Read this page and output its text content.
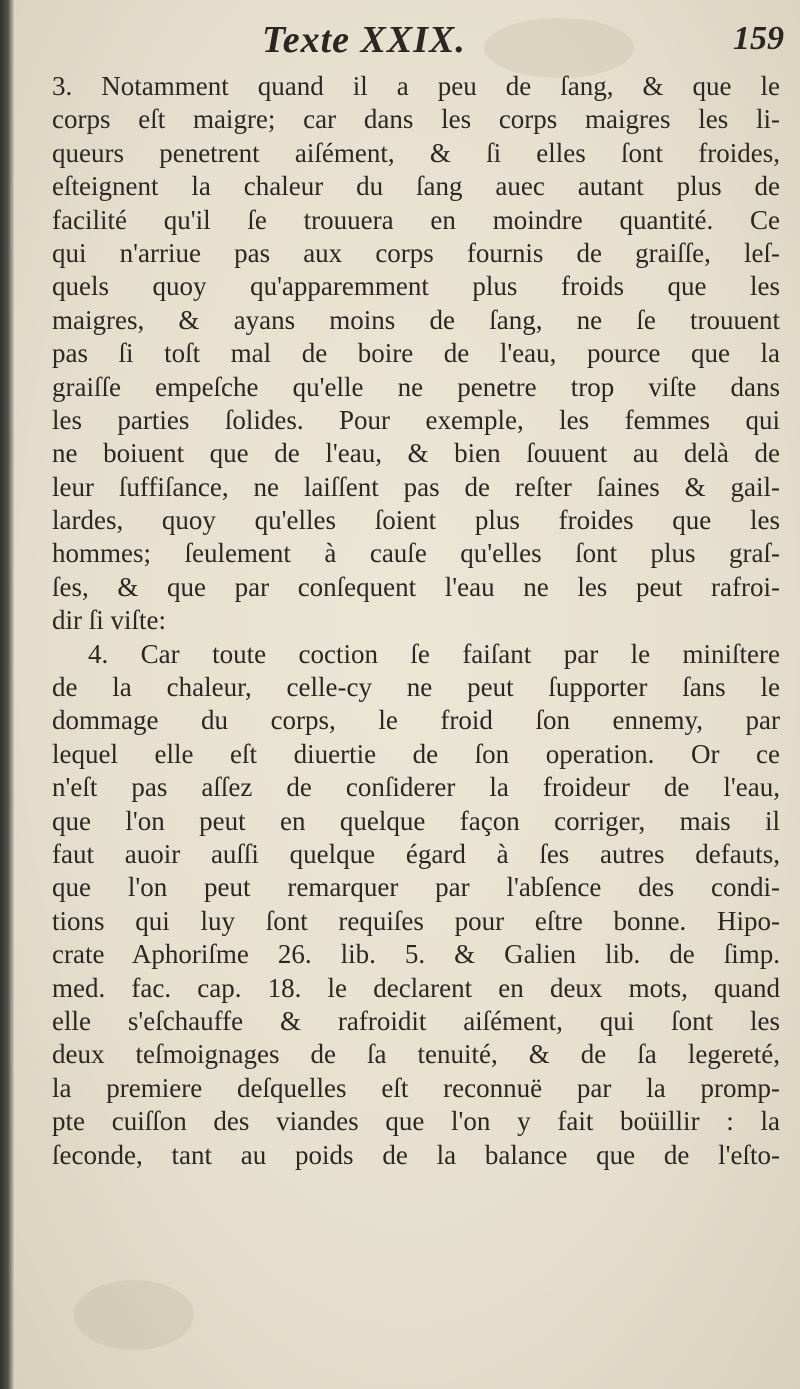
Texte XXIX.	159
3. Notamment quand il a peu de ſang, & que le
corps eſt maigre; car dans les corps maigres les li-
queurs penetrent aiſément, & ſi elles ſont froides,
eſteignent la chaleur du ſang auec autant plus de
facilité qu'il ſe trouuera en moindre quantité. Ce
qui n'arriue pas aux corps fournis de graiſſe, leſ-
quels quoy qu'apparemment plus froids que les
maigres, & ayans moins de ſang, ne ſe trouuent
pas ſi toſt mal de boire de l'eau, pource que la
graiſſe empeſche qu'elle ne penetre trop viſte dans
les parties ſolides. Pour exemple, les femmes qui
ne boiuent que de l'eau, & bien ſouuent au delà de
leur ſuffiſance, ne laiſſent pas de reſter ſaines & gail-
lardes, quoy qu'elles ſoient plus froides que les
hommes; ſeulement à cauſe qu'elles ſont plus graſ-
ſes, & que par conſequent l'eau ne les peut rafroi-
dir ſi viſte:
4. Car toute coction ſe faiſant par le miniſtere
de la chaleur, celle-cy ne peut ſupporter ſans le
dommage du corps, le froid ſon ennemy, par
lequel elle eſt diuertie de ſon operation. Or ce
n'eſt pas aſſez de conſiderer la froideur de l'eau,
que l'on peut en quelque façon corriger, mais il
faut auoir auſſi quelque égard à ſes autres defauts,
que l'on peut remarquer par l'abſence des condi-
tions qui luy ſont requiſes pour eſtre bonne. Hipo-
crate Aphoriſme 26. lib. 5. & Galien lib. de ſimp.
med. fac. cap. 18. le declarent en deux mots, quand
elle s'eſchauffe & rafroidit aiſément, qui ſont les
deux teſmoignages de ſa tenuité, & de ſa legereté,
la premiere deſquelles eſt reconnuë par la promp-
pte cuiſſon des viandes que l'on y fait boüillir : la
ſeconde, tant au poids de la balance que de l'eſto-
